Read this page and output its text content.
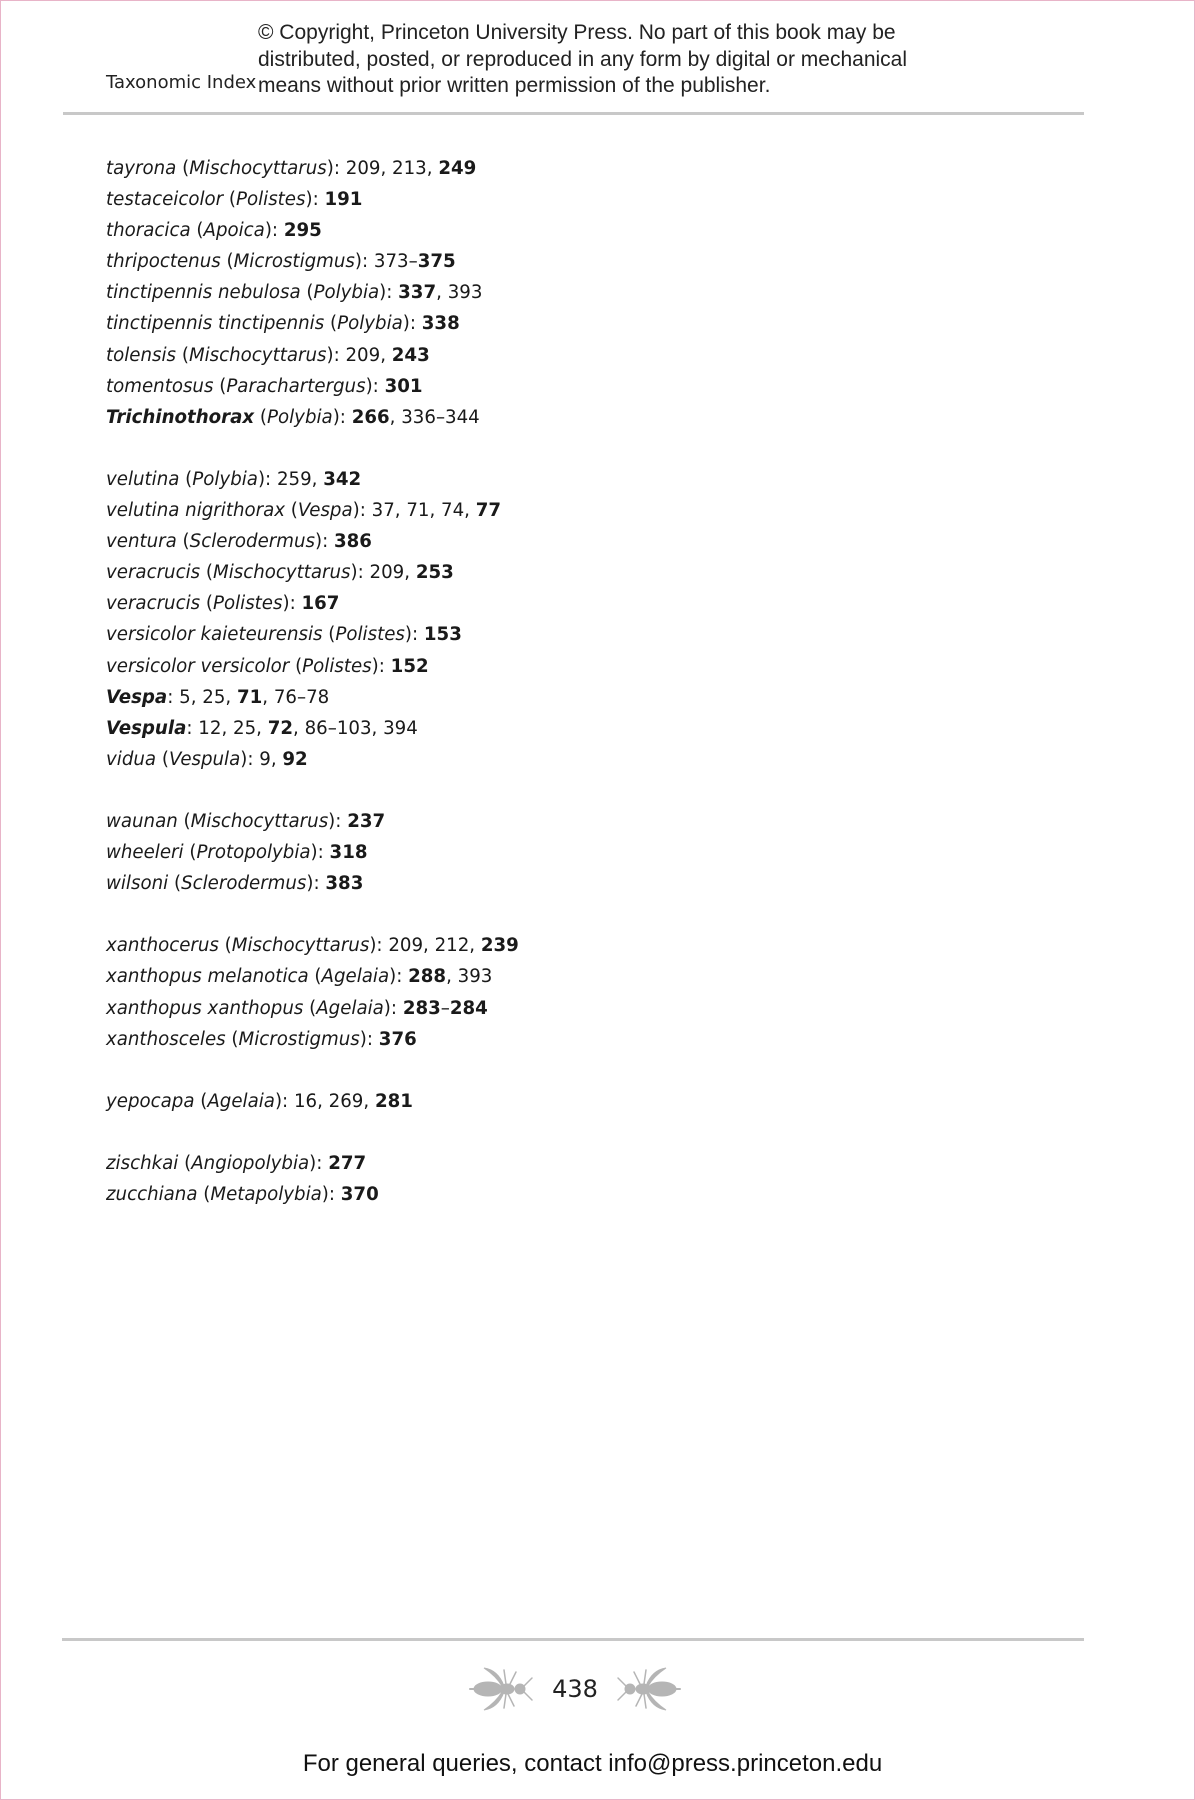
Taxonomic Index
© Copyright, Princeton University Press. No part of this book may be
distributed, posted, or reproduced in any form by digital or mechanical
means without prior written permission of the publisher.
tayrona (Mischocyttarus): 209, 213, 249
testaceicolor (Polistes): 191
thoracica (Apoica): 295
thripoctenus (Microstigmus): 373–375
tinctipennis nebulosa (Polybia): 337, 393
tinctipennis tinctipennis (Polybia): 338
tolensis (Mischocyttarus): 209, 243
tomentosus (Parachartergus): 301
Trichinothorax (Polybia): 266, 336–344
velutina (Polybia): 259, 342
velutina nigrithorax (Vespa): 37, 71, 74, 77
ventura (Sclerodermus): 386
veracrucis (Mischocyttarus): 209, 253
veracrucis (Polistes): 167
versicolor kaieteurensis (Polistes): 153
versicolor versicolor (Polistes): 152
Vespa: 5, 25, 71, 76–78
Vespula: 12, 25, 72, 86–103, 394
vidua (Vespula): 9, 92
waunan (Mischocyttarus): 237
wheeleri (Protopolybia): 318
wilsoni (Sclerodermus): 383
xanthocerus (Mischocyttarus): 209, 212, 239
xanthopus melanotica (Agelaia): 288, 393
xanthopus xanthopus (Agelaia): 283–284
xanthosceles (Microstigmus): 376
yepocapa (Agelaia): 16, 269, 281
zischkai (Angiopolybia): 277
zucchiana (Metapolybia): 370
438
For general queries, contact info@press.princeton.edu
